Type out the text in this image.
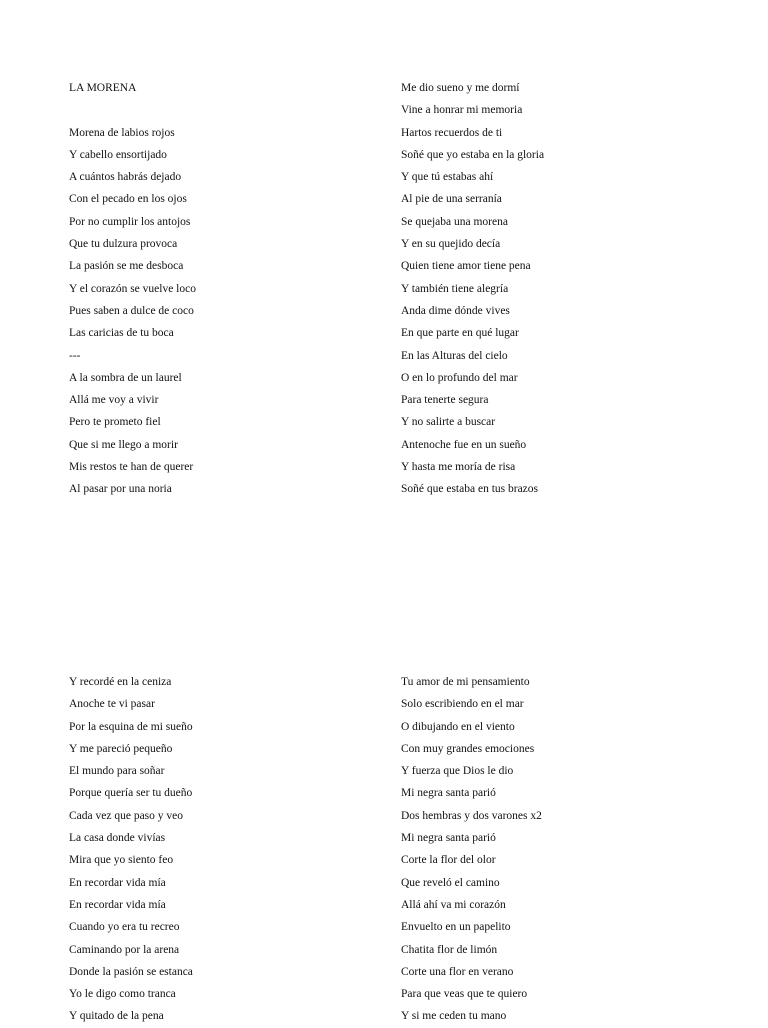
LA MORENA
Morena de labios rojos
Y cabello ensortijado
A cuántos habrás dejado
Con el pecado en los ojos
Por no cumplir los antojos
Que tu dulzura provoca
La pasión se me desboca
Y el corazón se vuelve loco
Pues saben a dulce de coco
Las caricias de tu boca
---
A la sombra de un laurel
Allá me voy a vivir
Pero te prometo fiel
Que si me llego a morir
Mis restos te han de querer
Al pasar por una noria
Me dio sueno y me dormí
Vine a honrar mi memoria
Hartos recuerdos de ti
Soñé que yo estaba en la gloria
Y que tú estabas ahí
Al pie de una serranía
Se quejaba una morena
Y en su quejido decía
Quien tiene amor tiene pena
Y también tiene alegría
Anda dime dónde vives
En que parte en qué lugar
En las Alturas del cielo
O en lo profundo del mar
Para tenerte segura
Y no salirte a buscar
Antenoche fue en un sueño
Y hasta me moría de risa
Soñé que estaba en tus brazos
Y recordé en la ceniza
Anoche te vi pasar
Por la esquina de mi sueño
Y me pareció pequeño
El mundo para soñar
Porque quería ser tu dueño
Cada vez que paso y veo
La casa donde vivías
Mira que yo siento feo
En recordar vida mía
En recordar vida mía
Cuando yo era tu recreo
Caminando por la arena
Donde la pasión se estanca
Yo le digo como tranca
Y quitado de la pena
Tu amor de mi pensamiento
Solo escribiendo en el mar
O dibujando en el viento
Con muy grandes emociones
Y fuerza que Dios le dio
Mi negra santa parió
Dos hembras y dos varones x2
Mi negra santa parió
Corte la flor del olor
Que reveló el camino
Allá ahí va mi corazón
Envuelto en un papelito
Chatita flor de limón
Corte una flor en verano
Para que veas que te quiero
Y si me ceden tu mano
